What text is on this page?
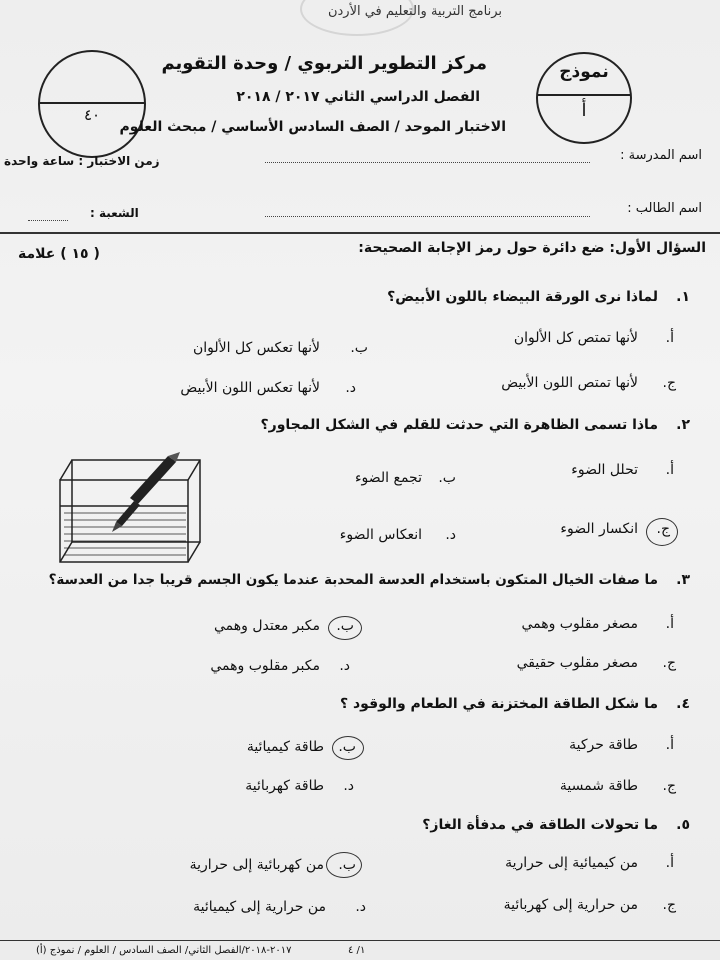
برنامج التربية والتعليم في الأردن
٤٠
نموذج
أ
مركز التطوير التربوي / وحدة التقويم
الفصل الدراسي الثاني ٢٠١٧ / ٢٠١٨
الاختبار الموحد / الصف السادس الأساسي / مبحث العلوم
اسم المدرسة :
زمن الاختبار : ساعة واحدة
اسم الطالب :
الشعبة :
السؤال الأول: ضع دائرة حول رمز الإجابة الصحيحة:
( ١٥ ) علامة
١.
لماذا نرى الورقة البيضاء باللون الأبيض؟
أ.
لأنها تمتص كل الألوان
ب.
لأنها تعكس كل الألوان
ج.
لأنها تمتص اللون الأبيض
د.
لأنها تعكس اللون الأبيض
٢.
ماذا تسمى الظاهرة التي حدثت للقلم في الشكل المجاور؟
أ.
تحلل الضوء
ب.
تجمع الضوء
ج.
انكسار الضوء
د.
انعكاس الضوء
٣.
ما صفات الخيال المتكون باستخدام العدسة المحدبة عندما يكون الجسم قريبا جدا من العدسة؟
أ.
مصغر مقلوب وهمي
ب.
مكبر معتدل وهمي
ج.
مصغر مقلوب حقيقي
د.
مكبر مقلوب وهمي
٤.
ما شكل الطاقة المختزنة في الطعام والوقود ؟
أ.
طاقة حركية
ب.
طاقة كيميائية
ج.
طاقة شمسية
د.
طاقة كهربائية
٥.
ما تحولات الطاقة في مدفأة الغاز؟
أ.
من كيميائية إلى حرارية
ب.
من كهربائية إلى حرارية
ج.
من حرارية إلى كهربائية
د.
من حرارية إلى كيميائية
٢٠١٧-٢٠١٨/الفصل الثاني/ الصف السادس / العلوم / نموذج (أ)	١/ ٤
